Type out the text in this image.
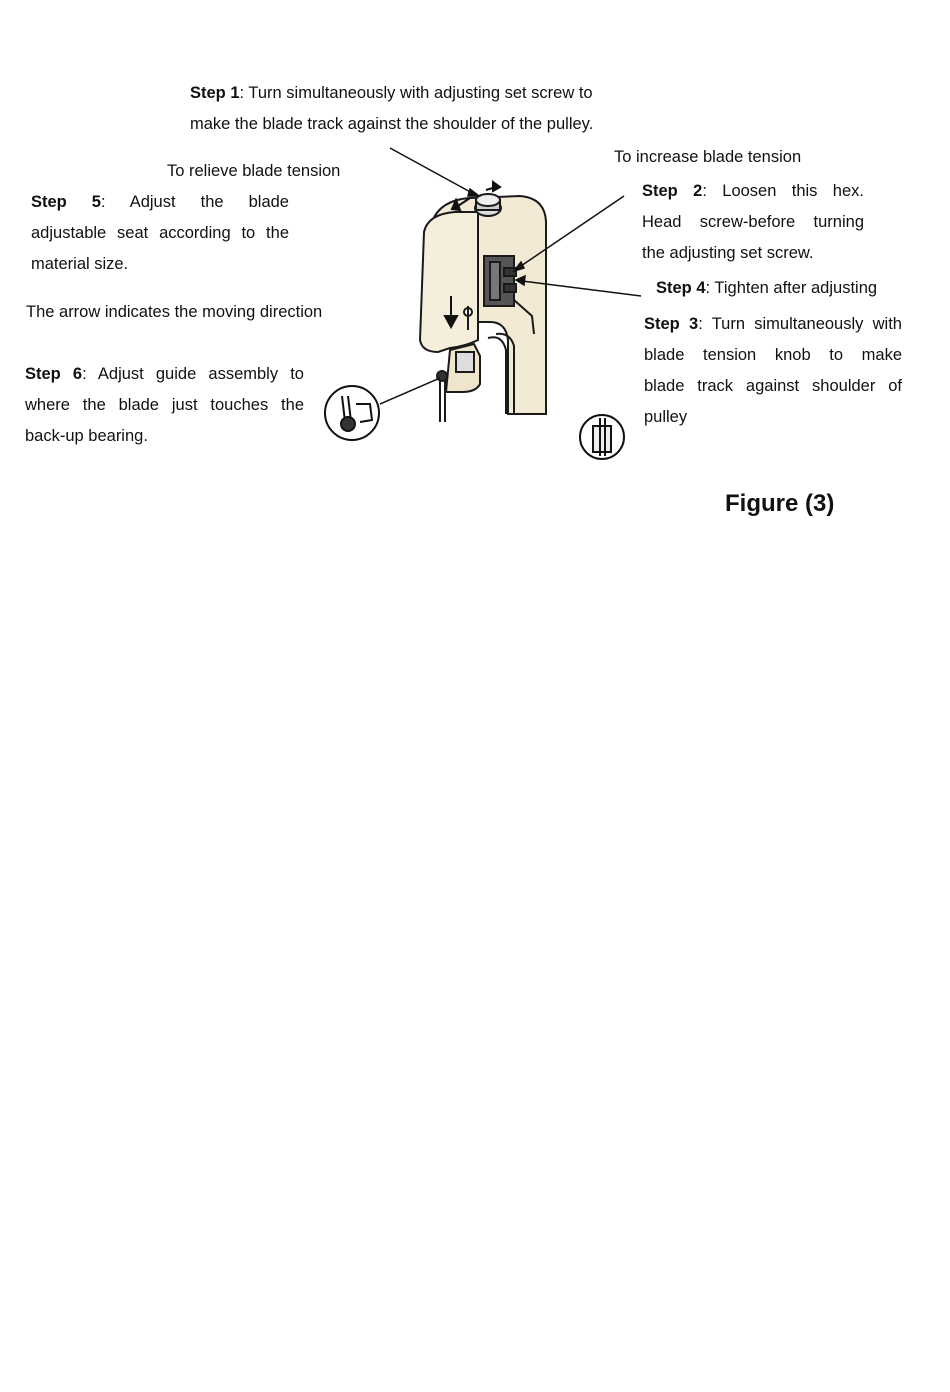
Step 1: Turn simultaneously with adjusting set screw to
make the blade track against the shoulder of the pulley.

To relieve blade tension

To increase blade tension

Step 5: Adjust the blade
adjustable seat according to the
material size.

The arrow indicates the moving direction

Step 6: Adjust guide assembly to
where the blade just touches the
back-up bearing.
Step 2: Loosen this hex.
Head screw-before turning
the adjusting set screw.

Step 4: Tighten after adjusting

Step 3: Turn simultaneously with
blade tension knob to make
blade track against shoulder of
pulley

Figure (3)
